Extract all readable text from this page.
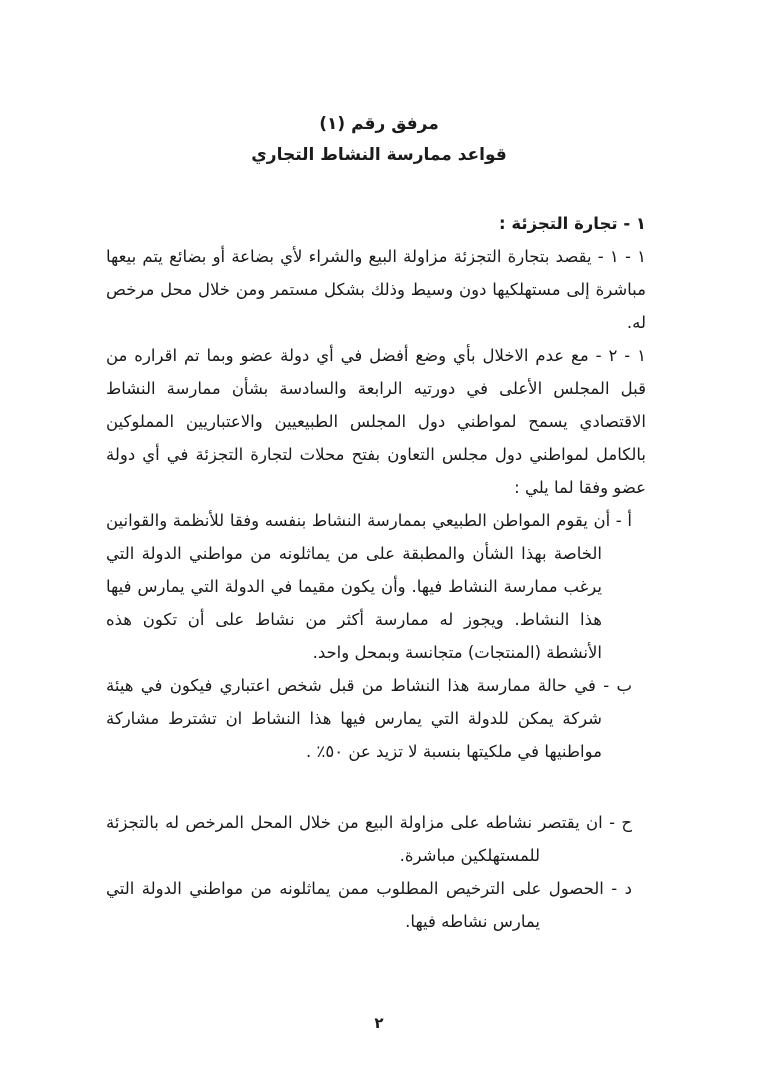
مرفق رقم (١)
قواعد ممارسة النشاط التجاري
١ - تجارة التجزئة :

١ - ١ - يقصد بتجارة التجزئة مزاولة البيع والشراء لأي بضاعة أو بضائع يتم بيعها مباشرة إلى مستهلكيها دون وسيط وذلك بشكل مستمر ومن خلال محل مرخص له.

١ - ٢ - مع عدم الاخلال بأي وضع أفضل في أي دولة عضو وبما تم اقراره من قبل المجلس الأعلى في دورتيه الرابعة والسادسة بشأن ممارسة النشاط الاقتصادي يسمح لمواطني دول المجلس الطبيعيين والاعتباريين المملوكين بالكامل لمواطني دول مجلس التعاون بفتح محلات لتجارة التجزئة في أي دولة عضو وفقا لما يلي :

أ - أن يقوم المواطن الطبيعي بممارسة النشاط بنفسه وفقا للأنظمة والقوانين الخاصة بهذا الشأن والمطبقة على من يماثلونه من مواطني الدولة التي يرغب ممارسة النشاط فيها. وأن يكون مقيما في الدولة التي يمارس فيها هذا النشاط. ويجوز له ممارسة أكثر من نشاط على أن تكون هذه الأنشطة (المنتجات) متجانسة وبمحل واحد.

ب - في حالة ممارسة هذا النشاط من قبل شخص اعتباري فيكون في هيئة شركة يمكن للدولة التي يمارس فيها هذا النشاط ان تشترط مشاركة مواطنيها في ملكيتها بنسبة لا تزيد عن ٥٠٪ .

ح - ان يقتصر نشاطه على مزاولة البيع من خلال المحل المرخص له بالتجزئة للمستهلكين مباشرة.

د - الحصول على الترخيص المطلوب ممن يماثلونه من مواطني الدولة التي يمارس نشاطه فيها.

٢
